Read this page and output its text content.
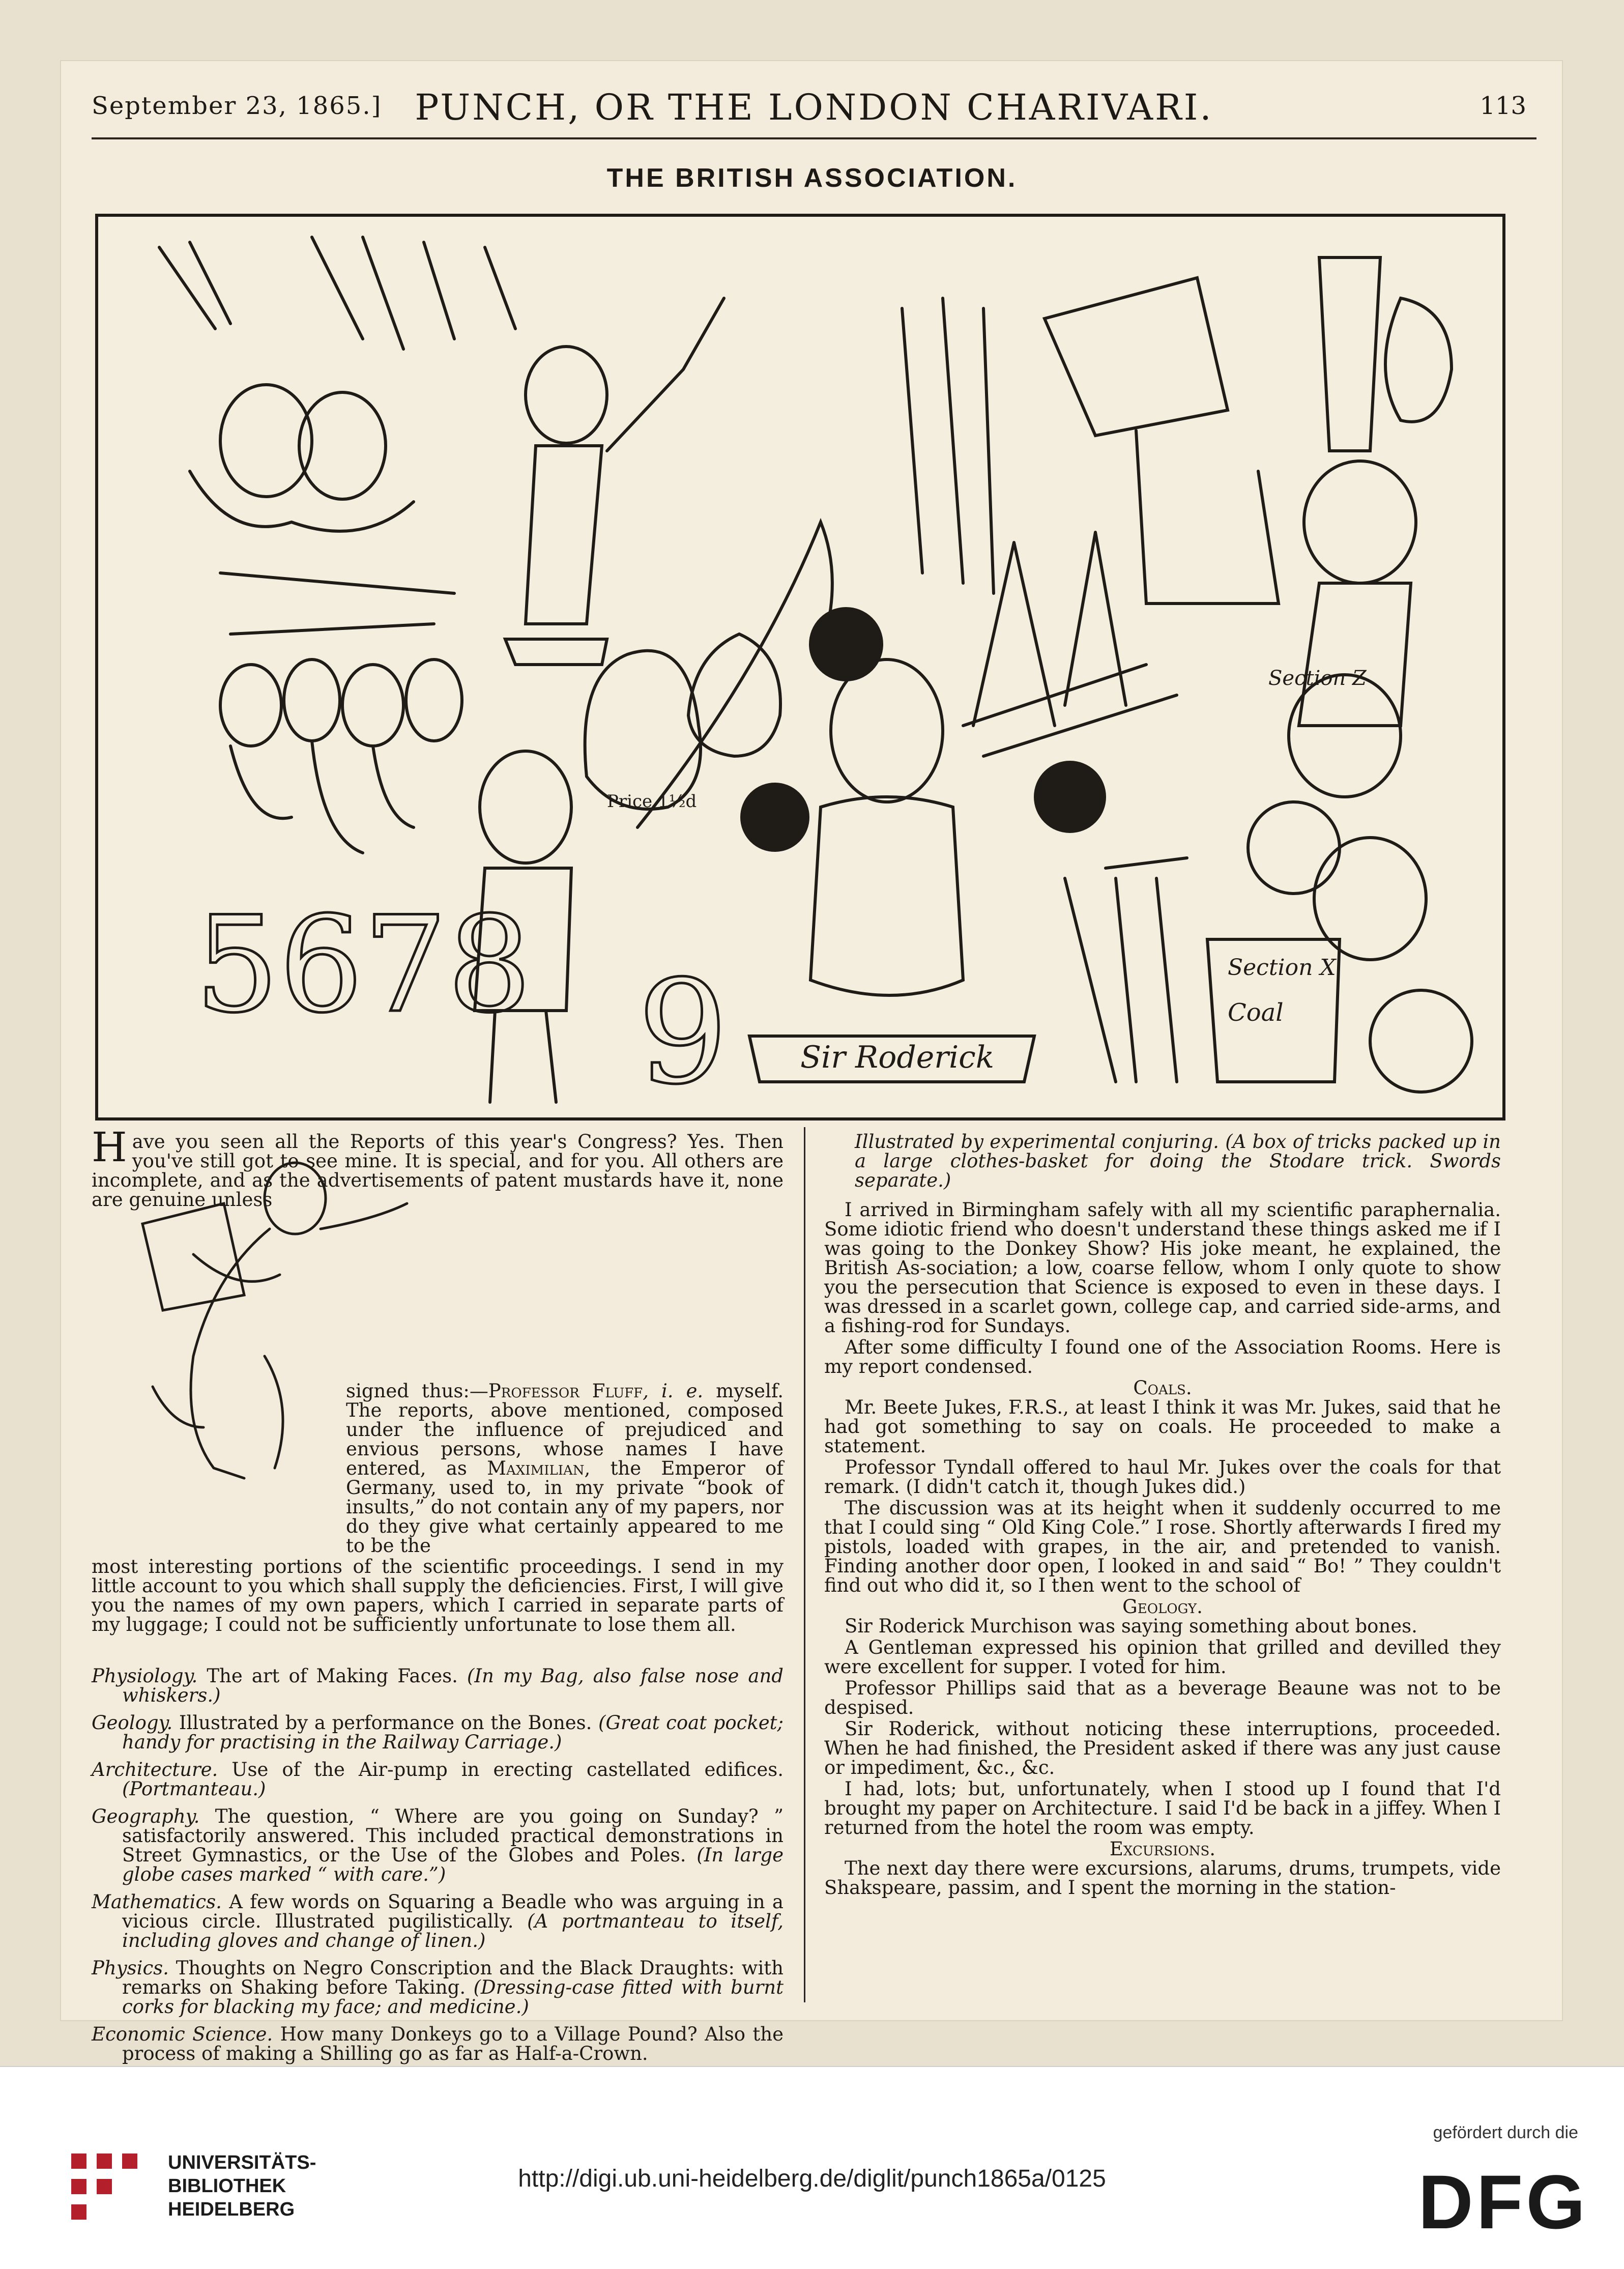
September 23, 1865.] PUNCH, OR THE LONDON CHARIVARI.	113
THE BRITISH ASSOCIATION.
5678 9 Sir Roderick
Section X
Coal
Section Z
Price 1½d

Have you seen all the Reports of this year's Congress? Yes. Then you've still got to see mine. It is special, and for you. All others are incomplete, and as the advertisements of patent mustards have it, none are genuine unless

signed thus:—Professor Fluff, i. e. myself. The reports, above mentioned, composed under the influence of prejudiced and envious persons, whose names I have entered, as Maximilian, the Emperor of Germany, used to, in my private “book of insults,” do not contain any of my papers, nor do they give what certainly appeared to me to be the

most interesting portions of the scientific proceedings. I send in my little account to you which shall supply the deficiencies. First, I will give you the names of my own papers, which I carried in separate parts of my luggage; I could not be sufficiently unfortunate to lose them all.

Physiology. The art of Making Faces. (In my Bag, also false nose and whiskers.)

Geology. Illustrated by a performance on the Bones. (Great coat pocket; handy for practising in the Railway Carriage.)

Architecture. Use of the Air-pump in erecting castellated edifices. (Portmanteau.)

Geography. The question, “ Where are you going on Sunday? ” satisfactorily answered. This included practical demonstrations in Street Gymnastics, or the Use of the Globes and Poles. (In large globe cases marked “ with care.”)

Mathematics. A few words on Squaring a Beadle who was arguing in a vicious circle. Illustrated pugilistically. (A portmanteau to itself, including gloves and change of linen.)

Physics. Thoughts on Negro Conscription and the Black Draughts: with remarks on Shaking before Taking. (Dressing-case fitted with burnt corks for blacking my face; and medicine.)

Economic Science. How many Donkeys go to a Village Pound? Also the process of making a Shilling go as far as Half-a-Crown.

Illustrated by experimental conjuring. (A box of tricks packed up in a large clothes-basket for doing the Stodare trick. Swords separate.)

I arrived in Birmingham safely with all my scientific paraphernalia. Some idiotic friend who doesn't understand these things asked me if I was going to the Donkey Show? His joke meant, he explained, the British As-sociation; a low, coarse fellow, whom I only quote to show you the persecution that Science is exposed to even in these days. I was dressed in a scarlet gown, college cap, and carried side-arms, and a fishing-rod for Sundays.

After some difficulty I found one of the Association Rooms. Here is my report condensed.

Coals.

Mr. Beete Jukes, F.R.S., at least I think it was Mr. Jukes, said that he had got something to say on coals. He proceeded to make a statement.

Professor Tyndall offered to haul Mr. Jukes over the coals for that remark. (I didn't catch it, though Jukes did.)

The discussion was at its height when it suddenly occurred to me that I could sing “ Old King Cole.” I rose. Shortly afterwards I fired my pistols, loaded with grapes, in the air, and pretended to vanish. Finding another door open, I looked in and said “ Bo! ” They couldn't find out who did it, so I then went to the school of

Geology.

Sir Roderick Murchison was saying something about bones.

A Gentleman expressed his opinion that grilled and devilled they were excellent for supper. I voted for him.

Professor Phillips said that as a beverage Beaune was not to be despised.

Sir Roderick, without noticing these interruptions, proceeded. When he had finished, the President asked if there was any just cause or impediment, &c., &c.

I had, lots; but, unfortunately, when I stood up I found that I'd brought my paper on Architecture. I said I'd be back in a jiffey. When I returned from the hotel the room was empty.

Excursions.

The next day there were excursions, alarums, drums, trumpets, vide Shakspeare, passim, and I spent the morning in the station-

UNIVERSITÄTS-
BIBLIOTHEK
HEIDELBERG
http://digi.ub.uni-heidelberg.de/diglit/punch1865a/0125
gefördert durch die
DFG
